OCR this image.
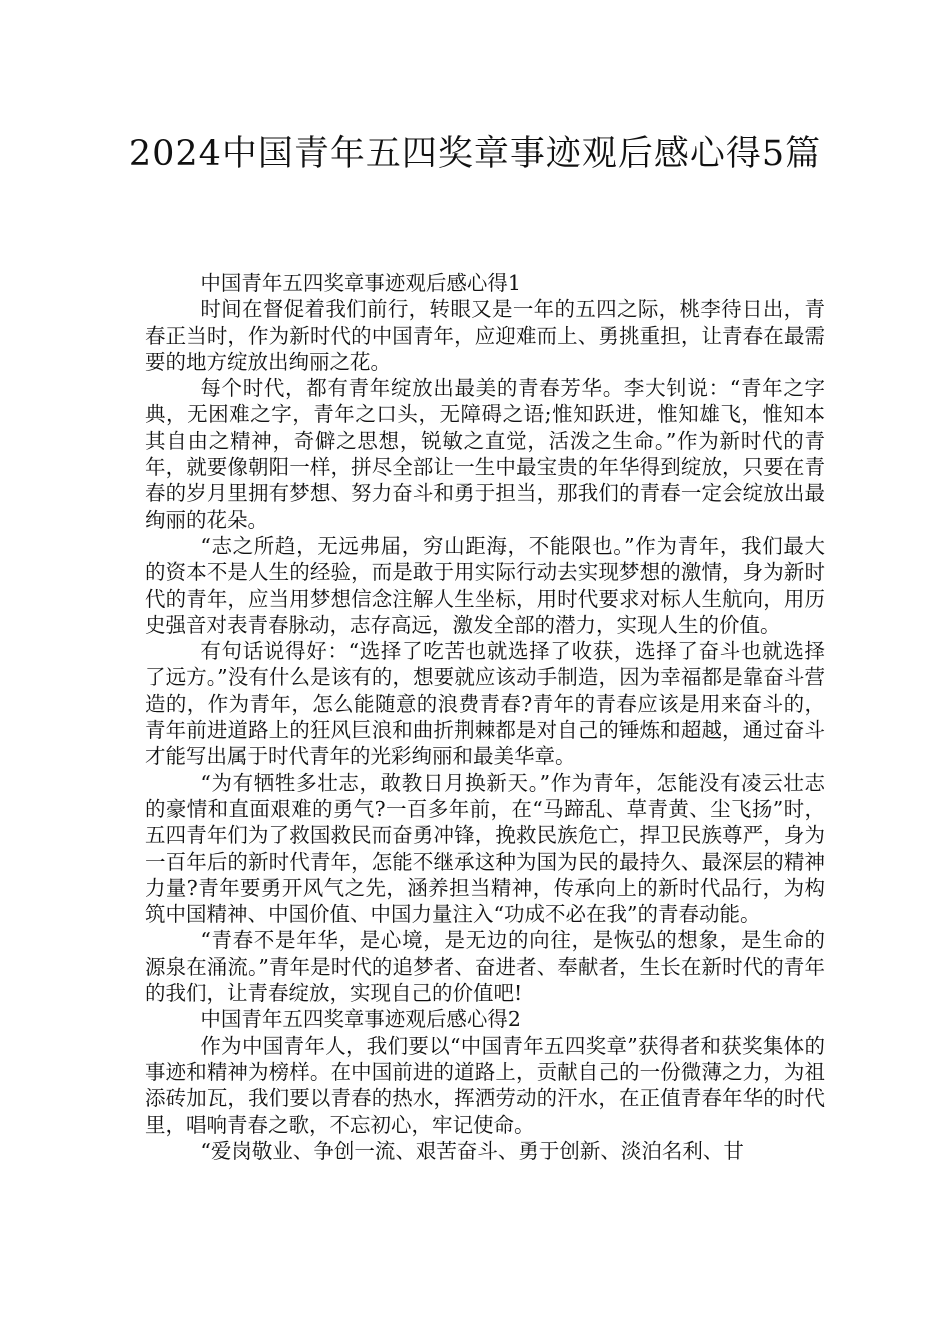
2024中国青年五四奖章事迹观后感心得5篇

中国青年五四奖章事迹观后感心得1

时间在督促着我们前行，转眼又是一年的五四之际，桃李待日出，青春正当时，作为新时代的中国青年，应迎难而上、勇挑重担，让青春在最需要的地方绽放出绚丽之花。

每个时代，都有青年绽放出最美的青春芳华。李大钊说：“青年之字典，无困难之字，青年之口头，无障碍之语;惟知跃进，惟知雄飞，惟知本其自由之精神，奇僻之思想，锐敏之直觉，活泼之生命。”作为新时代的青年，就要像朝阳一样，拼尽全部让一生中最宝贵的年华得到绽放，只要在青春的岁月里拥有梦想、努力奋斗和勇于担当，那我们的青春一定会绽放出最绚丽的花朵。

“志之所趋，无远弗届，穷山距海，不能限也。”作为青年，我们最大的资本不是人生的经验，而是敢于用实际行动去实现梦想的激情，身为新时代的青年，应当用梦想信念注解人生坐标，用时代要求对标人生航向，用历史强音对表青春脉动，志存高远，激发全部的潜力，实现人生的价值。

有句话说得好：“选择了吃苦也就选择了收获，选择了奋斗也就选择了远方。”没有什么是该有的，想要就应该动手制造，因为幸福都是靠奋斗营造的，作为青年，怎么能随意的浪费青春?青年的青春应该是用来奋斗的，青年前进道路上的狂风巨浪和曲折荆棘都是对自己的锤炼和超越，通过奋斗才能写出属于时代青年的光彩绚丽和最美华章。

“为有牺牲多壮志，敢教日月换新天。”作为青年，怎能没有凌云壮志的豪情和直面艰难的勇气?一百多年前，在“马蹄乱、草青黄、尘飞扬”时，五四青年们为了救国救民而奋勇冲锋，挽救民族危亡，捍卫民族尊严，身为一百年后的新时代青年，怎能不继承这种为国为民的最持久、最深层的精神力量?青年要勇开风气之先，涵养担当精神，传承向上的新时代品行，为构筑中国精神、中国价值、中国力量注入“功成不必在我”的青春动能。

“青春不是年华，是心境，是无边的向往，是恢弘的想象，是生命的源泉在涌流。”青年是时代的追梦者、奋进者、奉献者，生长在新时代的青年的我们，让青春绽放，实现自己的价值吧!

中国青年五四奖章事迹观后感心得2

作为中国青年人，我们要以“中国青年五四奖章”获得者和获奖集体的事迹和精神为榜样。在中国前进的道路上，贡献自己的一份微薄之力，为祖添砖加瓦，我们要以青春的热水，挥洒劳动的汗水，在正值青春年华的时代里，唱响青春之歌，不忘初心，牢记使命。

“爱岗敬业、争创一流、艰苦奋斗、勇于创新、淡泊名利、甘
